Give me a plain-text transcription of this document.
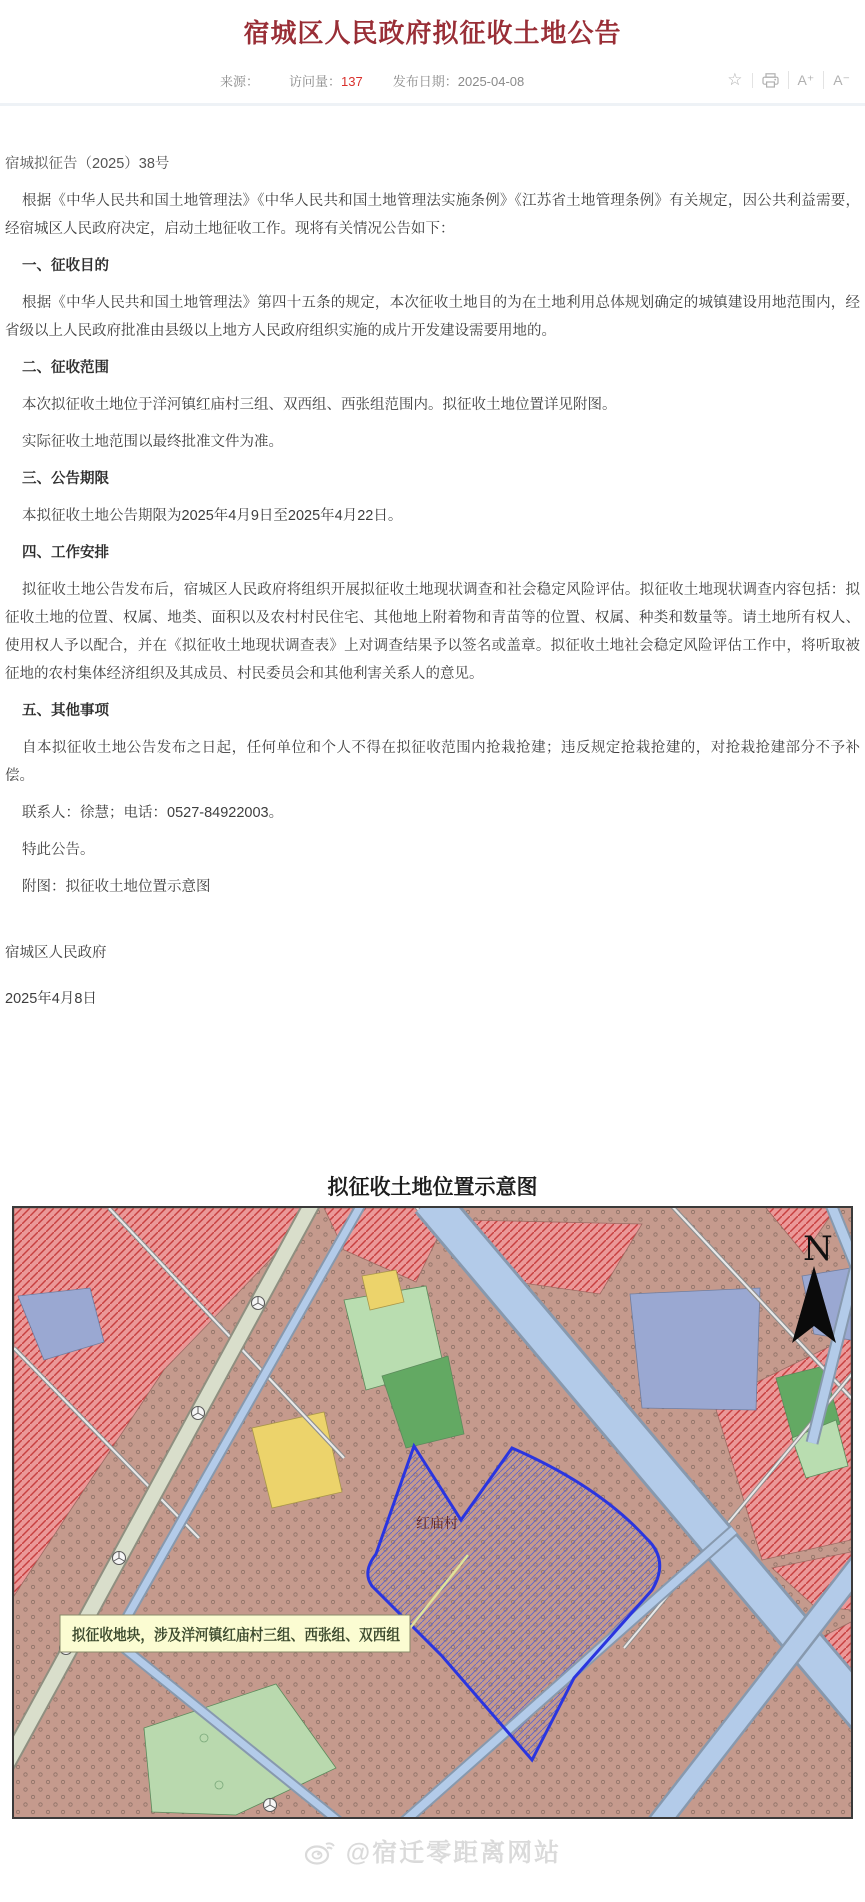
宿城区人民政府拟征收土地公告
来源： 访问量：137 发布日期：2025-04-08	☆	A⁺	A⁻

宿城拟征告（2025）38号

根据《中华人民共和国土地管理法》《中华人民共和国土地管理法实施条例》《江苏省土地管理条例》有关规定，因公共利益需要，经宿城区人民政府决定，启动土地征收工作。现将有关情况公告如下：

一、征收目的

根据《中华人民共和国土地管理法》第四十五条的规定，本次征收土地目的为在土地利用总体规划确定的城镇建设用地范围内，经省级以上人民政府批准由县级以上地方人民政府组织实施的成片开发建设需要用地的。

二、征收范围

本次拟征收土地位于洋河镇红庙村三组、双西组、西张组范围内。拟征收土地位置详见附图。

实际征收土地范围以最终批准文件为准。

三、公告期限

本拟征收土地公告期限为2025年4月9日至2025年4月22日。

四、工作安排

拟征收土地公告发布后，宿城区人民政府将组织开展拟征收土地现状调查和社会稳定风险评估。拟征收土地现状调查内容包括：拟征收土地的位置、权属、地类、面积以及农村村民住宅、其他地上附着物和青苗等的位置、权属、种类和数量等。请土地所有权人、使用权人予以配合，并在《拟征收土地现状调查表》上对调查结果予以签名或盖章。拟征收土地社会稳定风险评估工作中，将听取被征地的农村集体经济组织及其成员、村民委员会和其他利害关系人的意见。

五、其他事项

自本拟征收土地公告发布之日起，任何单位和个人不得在拟征收范围内抢栽抢建；违反规定抢栽抢建的，对抢栽抢建部分不予补偿。

联系人：徐慧；电话：0527-84922003。

特此公告。

附图：拟征收土地位置示意图

宿城区人民政府

2025年4月8日

拟征收土地位置示意图
红庙村
拟征收地块，涉及洋河镇红庙村三组、西张组、双西组
N
@宿迁零距离网站
